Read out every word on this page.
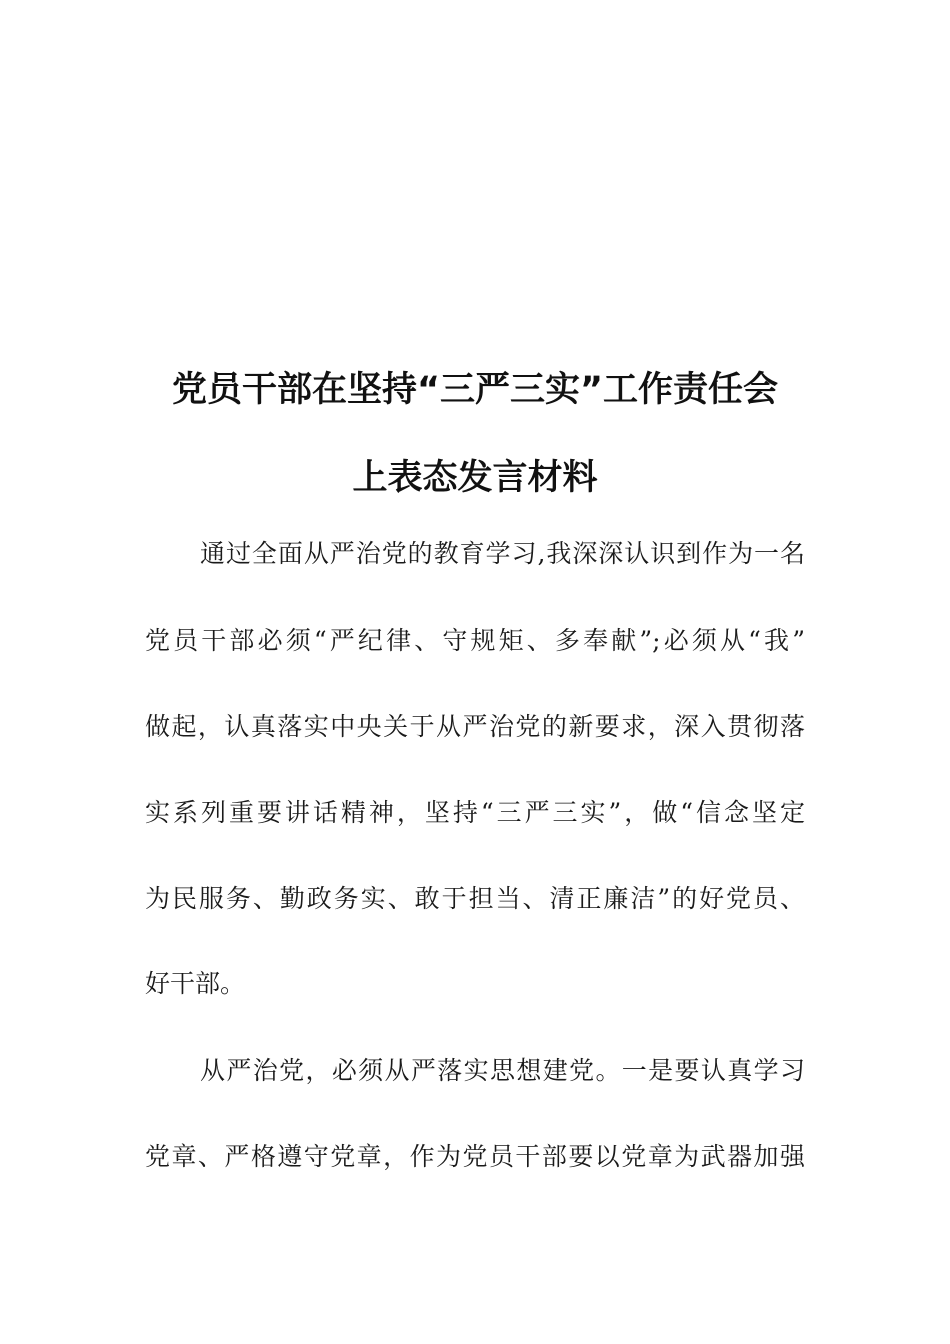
党员干部在坚持“三严三实”工作责任会
上表态发言材料
通过全面从严治党的教育学习,我深深认识到作为一名
党员干部必须“严纪律、守规矩、多奉献”;必须从“我”
做起，认真落实中央关于从严治党的新要求，深入贯彻落
实系列重要讲话精神，坚持“三严三实”，做“信念坚定
为民服务、勤政务实、敢于担当、清正廉洁”的好党员、
好干部。
从严治党，必须从严落实思想建党。一是要认真学习
党章、严格遵守党章，作为党员干部要以党章为武器加强
